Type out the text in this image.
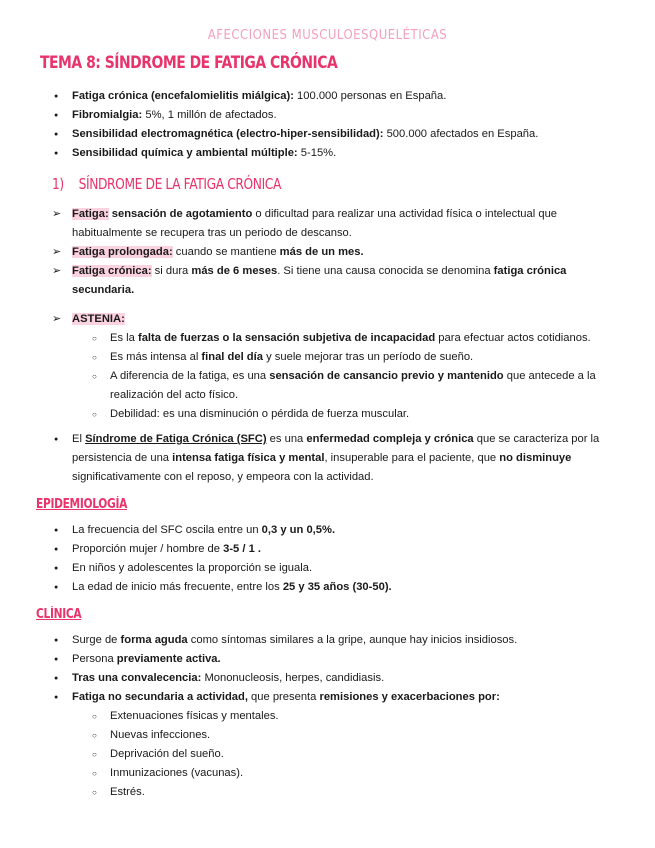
AFECCIONES MUSCULOESQUELÉTICAS
TEMA 8: SÍNDROME DE FATIGA CRÓNICA
● Fatiga crónica (encefalomielitis miálgica): 100.000 personas en España.
● Fibromialgia: 5%, 1 millón de afectados.
● Sensibilidad electromagnética (electro-hiper-sensibilidad): 500.000 afectados en España.
● Sensibilidad química y ambiental múltiple: 5-15%.
1) SÍNDROME DE LA FATIGA CRÓNICA
➢ Fatiga: sensación de agotamiento o dificultad para realizar una actividad física o intelectual que habitualmente se recupera tras un periodo de descanso.
➢ Fatiga prolongada: cuando se mantiene más de un mes.
➢ Fatiga crónica: si dura más de 6 meses. Si tiene una causa conocida se denomina fatiga crónica secundaria.
➢ ASTENIA:
○ Es la falta de fuerzas o la sensación subjetiva de incapacidad para efectuar actos cotidianos.
○ Es más intensa al final del día y suele mejorar tras un período de sueño.
○ A diferencia de la fatiga, es una sensación de cansancio previo y mantenido que antecede a la realización del acto físico.
○ Debilidad: es una disminución o pérdida de fuerza muscular.
● El Síndrome de Fatiga Crónica (SFC) es una enfermedad compleja y crónica que se caracteriza por la persistencia de una intensa fatiga física y mental, insuperable para el paciente, que no disminuye significativamente con el reposo, y empeora con la actividad.
EPIDEMIOLOGÍA
● La frecuencia del SFC oscila entre un 0,3 y un 0,5%.
● Proporción mujer / hombre de 3-5 / 1 .
● En niños y adolescentes la proporción se iguala.
● La edad de inicio más frecuente, entre los 25 y 35 años (30-50).
CLÍNICA
● Surge de forma aguda como síntomas similares a la gripe, aunque hay inicios insidiosos.
● Persona previamente activa.
● Tras una convalecencia: Mononucleosis, herpes, candidiasis.
● Fatiga no secundaria a actividad, que presenta remisiones y exacerbaciones por:
○ Extenuaciones físicas y mentales.
○ Nuevas infecciones.
○ Deprivación del sueño.
○ Inmunizaciones (vacunas).
○ Estrés.
